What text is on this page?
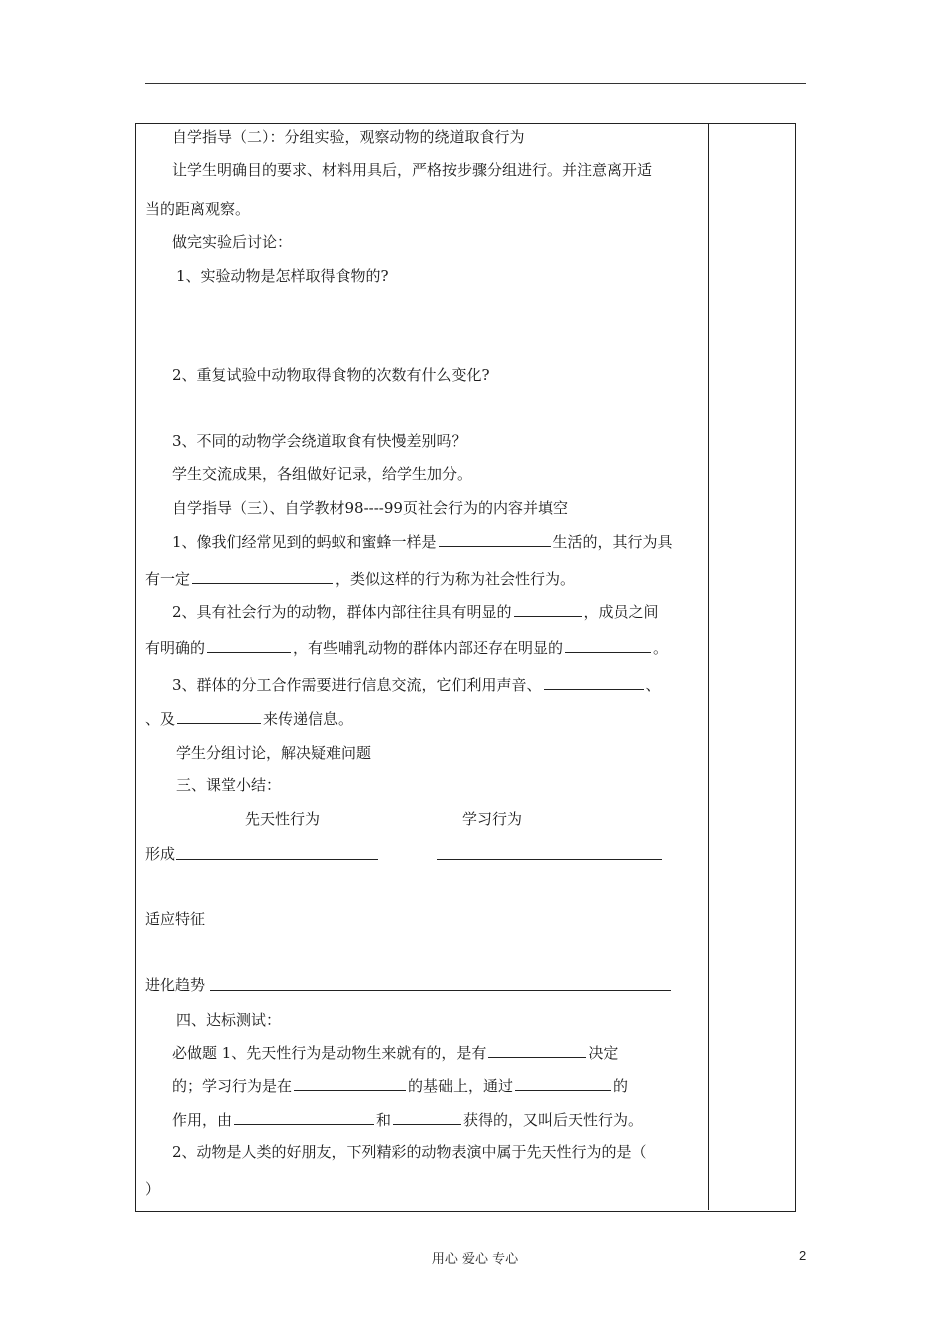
自学指导（二）：分组实验，观察动物的绕道取食行为
让学生明确目的要求、材料用具后，严格按步骤分组进行。并注意离开适
当的距离观察。
做完实验后讨论：
1、实验动物是怎样取得食物的?
2、重复试验中动物取得食物的次数有什么变化?
3、不同的动物学会绕道取食有快慢差别吗？
学生交流成果，各组做好记录，给学生加分。
自学指导（三）、自学教材98----99页社会行为的内容并填空
1、像我们经常见到的蚂蚁和蜜蜂一样是	生活的，其行为具
有一定	，类似这样的行为称为社会性行为。
2、具有社会行为的动物，群体内部往往具有明显的	，成员之间
有明确的	，有些哺乳动物的群体内部还存在明显的	。
3、群体的分工合作需要进行信息交流，它们利用声音、	、
、及	来传递信息。
学生分组讨论，解决疑难问题
三、课堂小结：
先天性行为	学习行为
形成
适应特征
进化趋势
四、达标测试：
必做题 1、先天性行为是动物生来就有的，是有	决定
的；学习行为是在	的基础上，通过	的
作用，由	和	获得的，又叫后天性行为。
2、动物是人类的好朋友，下列精彩的动物表演中属于先天性行为的是（
）
用心 爱心 专心	2
